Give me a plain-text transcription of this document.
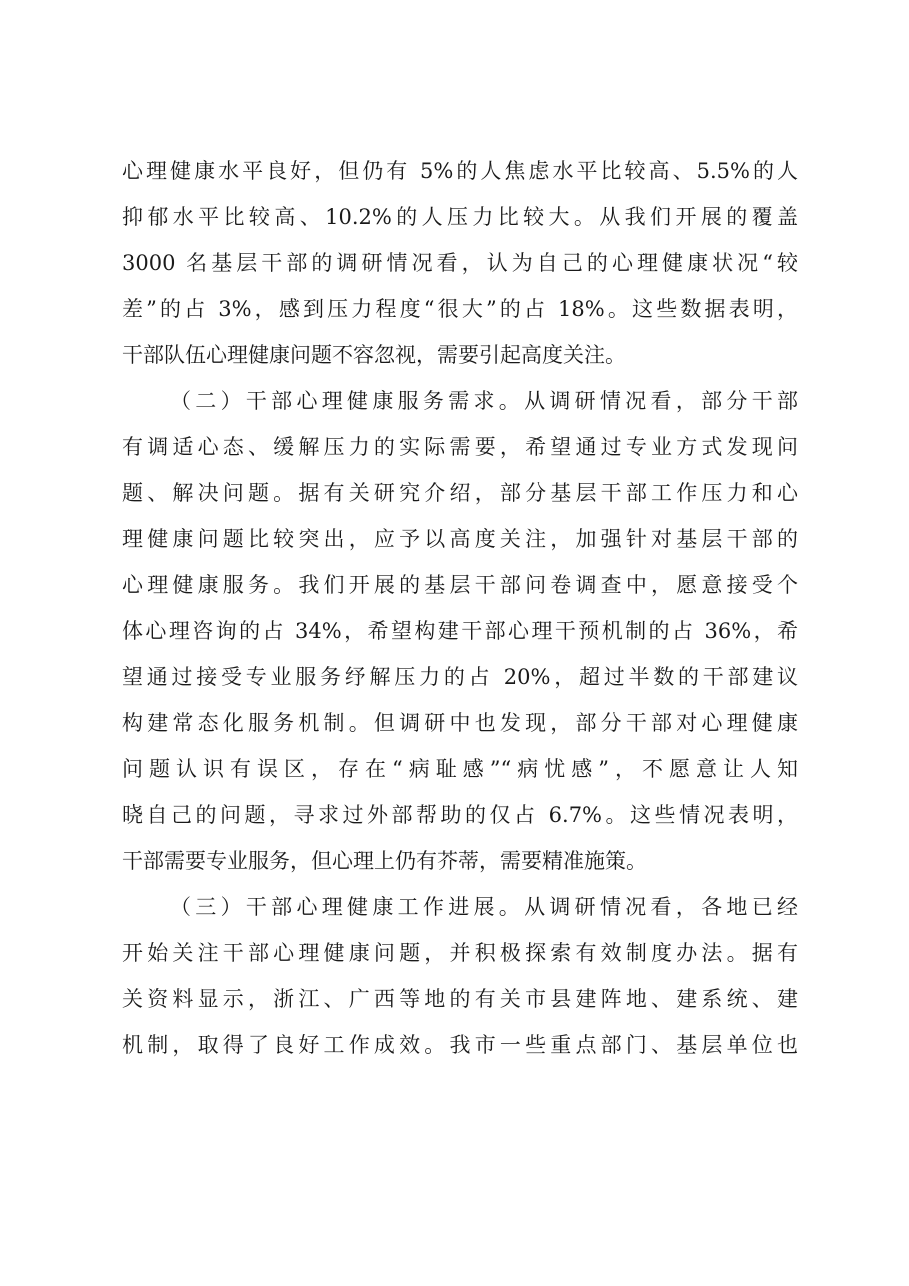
心理健康水平良好，但仍有 5%的人焦虑水平比较高、5.5%的人
抑郁水平比较高、10.2%的人压力比较大。从我们开展的覆盖
3000 名基层干部的调研情况看，认为自己的心理健康状况“较
差”的占 3%，感到压力程度“很大”的占 18%。这些数据表明，
干部队伍心理健康问题不容忽视，需要引起高度关注。
（二）干部心理健康服务需求。从调研情况看，部分干部
有调适心态、缓解压力的实际需要，希望通过专业方式发现问
题、解决问题。据有关研究介绍，部分基层干部工作压力和心
理健康问题比较突出，应予以高度关注，加强针对基层干部的
心理健康服务。我们开展的基层干部问卷调查中，愿意接受个
体心理咨询的占 34%，希望构建干部心理干预机制的占 36%，希
望通过接受专业服务纾解压力的占 20%，超过半数的干部建议
构建常态化服务机制。但调研中也发现，部分干部对心理健康
问题认识有误区，存在“病耻感”“病忧感”，不愿意让人知
晓自己的问题，寻求过外部帮助的仅占 6.7%。这些情况表明，
干部需要专业服务，但心理上仍有芥蒂，需要精准施策。
（三）干部心理健康工作进展。从调研情况看，各地已经
开始关注干部心理健康问题，并积极探索有效制度办法。据有
关资料显示，浙江、广西等地的有关市县建阵地、建系统、建
机制，取得了良好工作成效。我市一些重点部门、基层单位也
